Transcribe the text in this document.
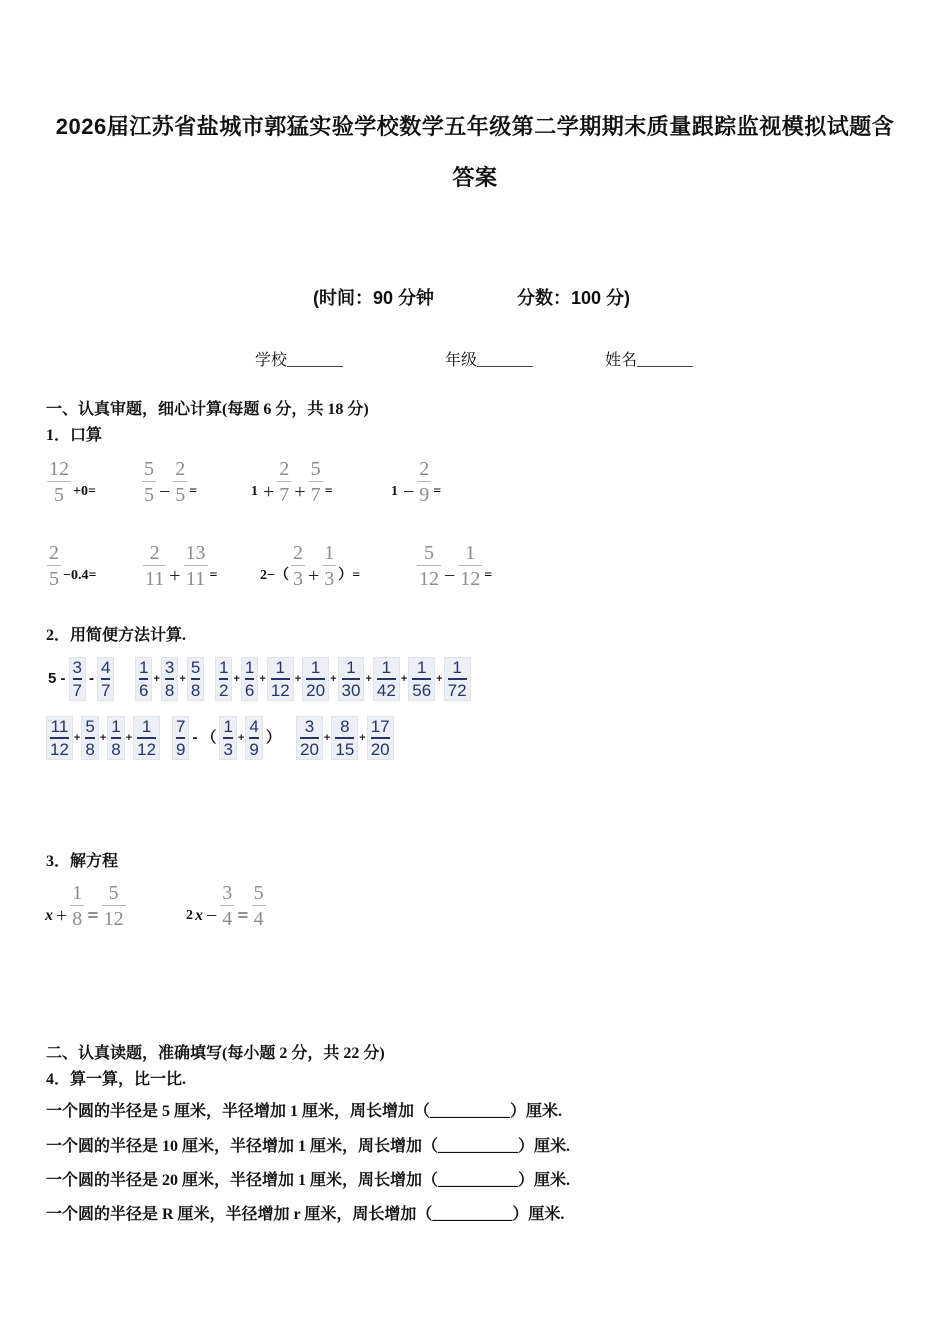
2026届江苏省盐城市郭猛实验学校数学五年级第二学期期末质量跟踪监视模拟试题含
答案
(时间：90 分钟	分数：100 分)
学校_______	年级_______	姓名_______
一、认真审题，细心计算(每题 6 分，共 18 分)
1．口算
$\frac{12}{5} +0= \frac{5}{5} - \frac{2}{5}$ =	$1 + \frac{2}{7} + \frac{5}{7}$ =	$1 - \frac{2}{9}$ =
$\frac{2}{5} -0.4= \frac{2}{11} + \frac{13}{11}$ =	$2-( \frac{2}{3} + \frac{1}{3}$ ）=	$\frac{5}{12} - \frac{1}{12}$ =
2．用简便方法计算.
$5 - \frac{3}{7} - \frac{4}{7} \frac{1}{6} + \frac{3}{8} + \frac{5}{8} \frac{1}{2} + \frac{1}{6} + \frac{1}{12} + \frac{1}{20} + \frac{1}{30} + \frac{1}{42} + \frac{1}{56} + \frac{1}{72}$
$\frac{11}{12} + \frac{5}{8} + \frac{1}{8} + \frac{1}{12} \frac{7}{9}$ - （ $\frac{1}{3} + \frac{4}{9}$ ） $\frac{3}{20} + \frac{8}{15} + \frac{17}{20}$
3．解方程
$x + \frac{1}{8} = \frac{5}{12}$	2 $x - \frac{3}{4} = \frac{5}{4}$
二、认真读题，准确填写(每小题 2 分，共 22 分)
4．算一算，比一比.
一个圆的半径是 5 厘米，半径增加 1 厘米，周长增加（__________）厘米.
一个圆的半径是 10 厘米，半径增加 1 厘米，周长增加（__________）厘米.
一个圆的半径是 20 厘米，半径增加 1 厘米，周长增加（__________）厘米.
一个圆的半径是 R 厘米，半径增加 r 厘米，周长增加（__________）厘米.
